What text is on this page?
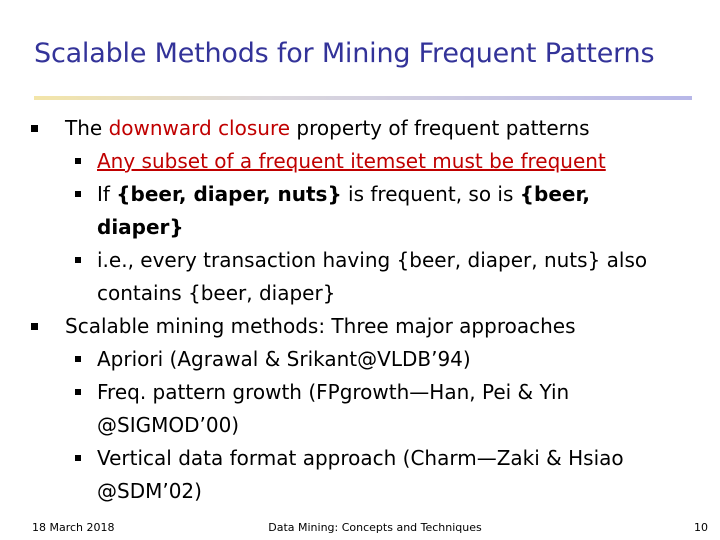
Scalable Methods for Mining Frequent Patterns
The downward closure property of frequent patterns
Any subset of a frequent itemset must be frequent
If {beer, diaper, nuts} is frequent, so is {beer,
diaper}
i.e., every transaction having {beer, diaper, nuts} also
contains {beer, diaper}
Scalable mining methods: Three major approaches
Apriori (Agrawal & Srikant@VLDB’94)
Freq. pattern growth (FPgrowth—Han, Pei & Yin
@SIGMOD’00)
Vertical data format approach (Charm—Zaki & Hsiao
@SDM’02)
18 March 2018	Data Mining: Concepts and Techniques	10
